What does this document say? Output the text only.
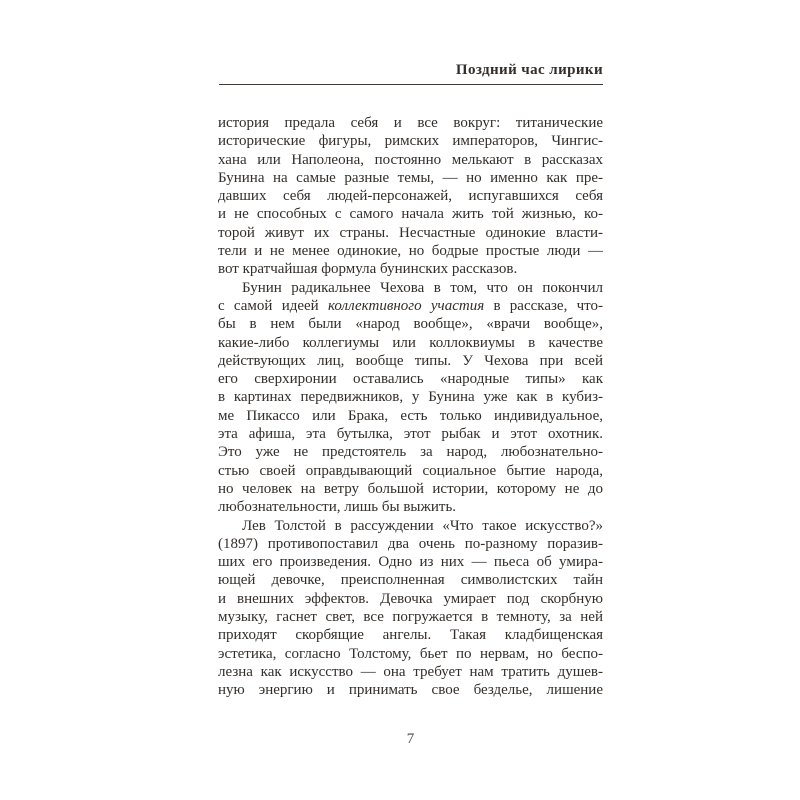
Поздний час лирики
история предала себя и все вокруг: титанические
исторические фигуры, римских императоров, Чингис-
хана или Наполеона, постоянно мелькают в рассказах
Бунина на самые разные темы, — но именно как пре-
давших себя людей-персонажей, испугавшихся себя
и не способных с самого начала жить той жизнью, ко-
торой живут их страны. Несчастные одинокие власти-
тели и не менее одинокие, но бодрые простые люди —
вот кратчайшая формула бунинских рассказов.
Бунин радикальнее Чехова в том, что он покончил
с самой идеей коллективного участия в рассказе, что-
бы в нем были «народ вообще», «врачи вообще»,
какие-либо коллегиумы или коллоквиумы в качестве
действующих лиц, вообще типы. У Чехова при всей
его сверхиронии оставались «народные типы» как
в картинах передвижников, у Бунина уже как в кубиз-
ме Пикассо или Брака, есть только индивидуальное,
эта афиша, эта бутылка, этот рыбак и этот охотник.
Это уже не предстоятель за народ, любознательно-
стью своей оправдывающий социальное бытие народа,
но человек на ветру большой истории, которому не до
любознательности, лишь бы выжить.
Лев Толстой в рассуждении «Что такое искусство?»
(1897) противопоставил два очень по-разному поразив-
ших его произведения. Одно из них — пьеса об умира-
ющей девочке, преисполненная символистских тайн
и внешних эффектов. Девочка умирает под скорбную
музыку, гаснет свет, все погружается в темноту, за ней
приходят скорбящие ангелы. Такая кладбищенская
эстетика, согласно Толстому, бьет по нервам, но беспо-
лезна как искусство — она требует нам тратить душев-
ную энергию и принимать свое безделье, лишение
7
